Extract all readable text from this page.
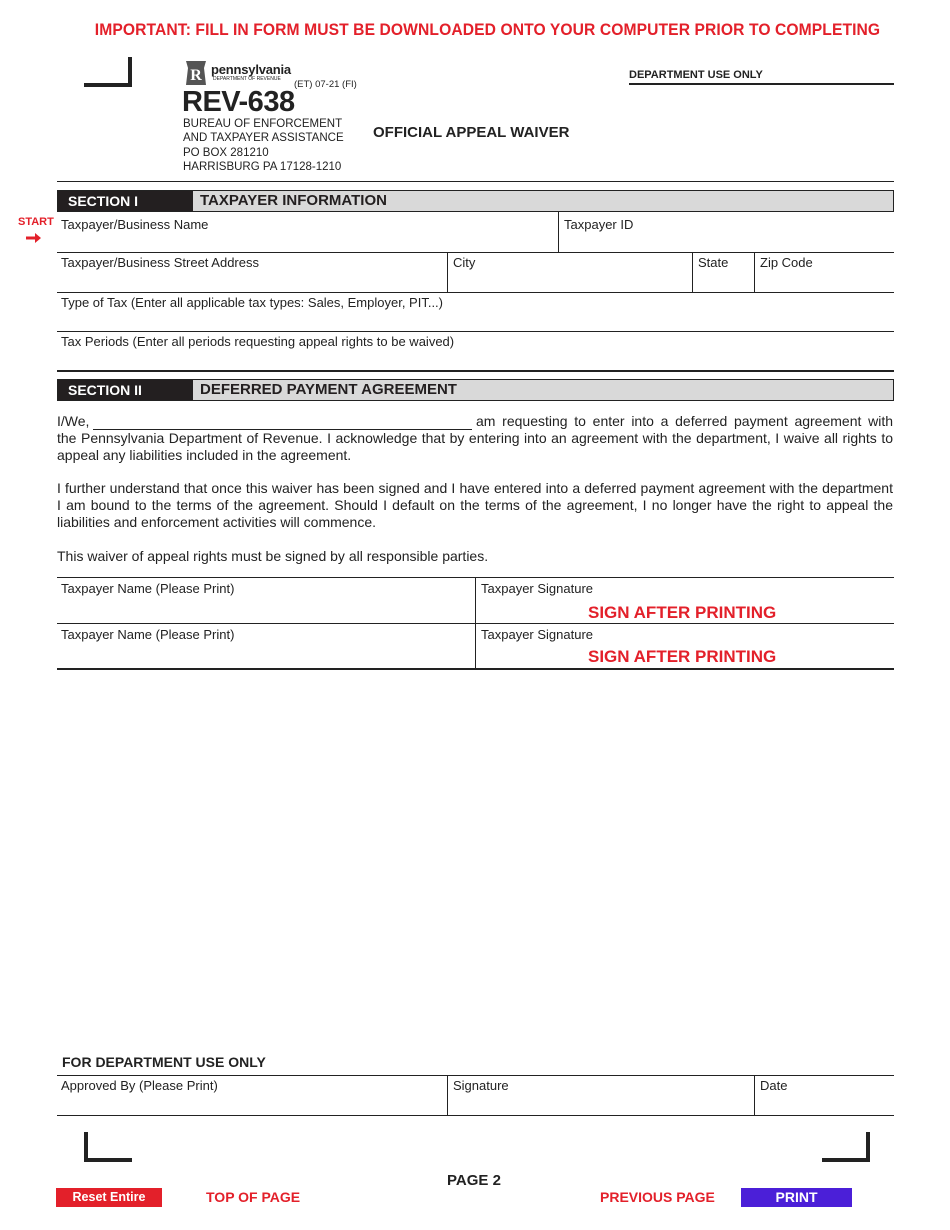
IMPORTANT: FILL IN FORM MUST BE DOWNLOADED ONTO YOUR COMPUTER PRIOR TO COMPLETING
R pennsylvania
DEPARTMENT OF REVENUE (ET) 07-21 (FI)
REV-638
BUREAU OF ENFORCEMENT
AND TAXPAYER ASSISTANCE
PO BOX 281210
HARRISBURG PA 17128-1210
OFFICIAL APPEAL WAIVER
DEPARTMENT USE ONLY
SECTION I	TAXPAYER INFORMATION
START Taxpayer/Business Name	Taxpayer ID
Taxpayer/Business Street Address	City	State	Zip Code
Type of Tax (Enter all applicable tax types: Sales, Employer, PIT...)
Tax Periods (Enter all periods requesting appeal rights to be waived)
SECTION II	DEFERRED PAYMENT AGREEMENT
I/We,	am requesting to enter into a deferred payment agreement with
the Pennsylvania Department of Revenue. I acknowledge that by entering into an agreement with the department, I waive all rights to appeal any liabilities included in the agreement.
I further understand that once this waiver has been signed and I have entered into a deferred payment agreement with the department I am bound to the terms of the agreement. Should I default on the terms of the agreement, I no longer have the right to appeal the liabilities and enforcement activities will commence.
This waiver of appeal rights must be signed by all responsible parties.
Taxpayer Name (Please Print)	Taxpayer Signature
SIGN AFTER PRINTING
Taxpayer Name (Please Print)	Taxpayer Signature
SIGN AFTER PRINTING
FOR DEPARTMENT USE ONLY
Approved By (Please Print)	Signature	Date
PAGE 2
Reset Entire Form
TOP OF PAGE	PREVIOUS PAGE	PRINT
